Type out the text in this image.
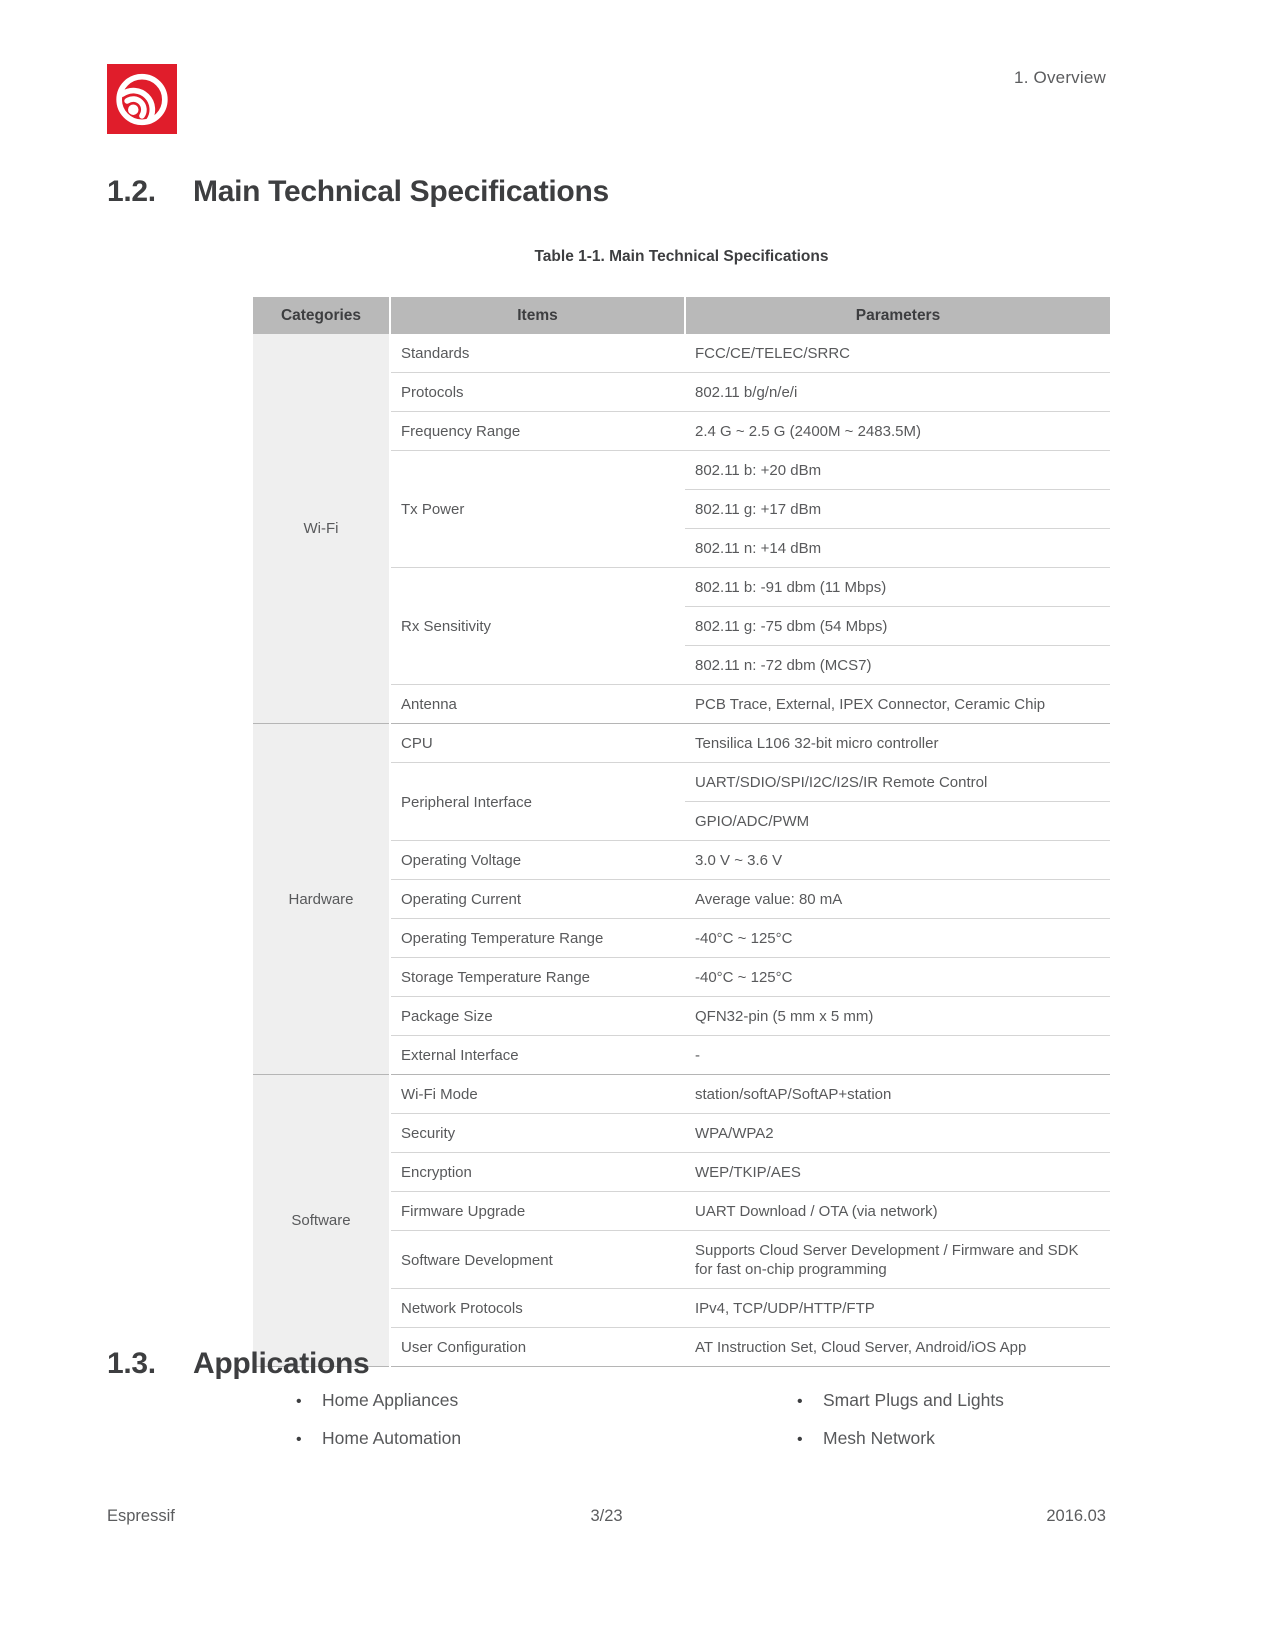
1. Overview
1.2.	Main Technical Specifications
Table 1-1. Main Technical Specifications
Categories	Items	Parameters
Wi-Fi	Standards	FCC/CE/TELEC/SRRC
	Protocols	802.11 b/g/n/e/i
	Frequency Range	2.4 G ~ 2.5 G (2400M ~ 2483.5M)
	Tx Power	802.11 b: +20 dBm
		802.11 g: +17 dBm
		802.11 n: +14 dBm
	Rx Sensitivity	802.11 b: -91 dbm (11 Mbps)
		802.11 g: -75 dbm (54 Mbps)
		802.11 n: -72 dbm (MCS7)
	Antenna	PCB Trace, External, IPEX Connector, Ceramic Chip
Hardware	CPU	Tensilica L106 32-bit micro controller
	Peripheral Interface	UART/SDIO/SPI/I2C/I2S/IR Remote Control
		GPIO/ADC/PWM
	Operating Voltage	3.0 V ~ 3.6 V
	Operating Current	Average value: 80 mA
	Operating Temperature Range	-40°C ~ 125°C
	Storage Temperature Range	-40°C ~ 125°C
	Package Size	QFN32-pin (5 mm x 5 mm)
	External Interface	-
Software	Wi-Fi Mode	station/softAP/SoftAP+station
	Security	WPA/WPA2
	Encryption	WEP/TKIP/AES
	Firmware Upgrade	UART Download / OTA (via network)
	Software Development	Supports Cloud Server Development / Firmware and SDK for fast on-chip programming
	Network Protocols	IPv4, TCP/UDP/HTTP/FTP
	User Configuration	AT Instruction Set, Cloud Server, Android/iOS App
1.3.	Applications
•	Home Appliances
•	Home Automation
•	Smart Plugs and Lights
•	Mesh Network
Espressif	3/23	2016.03
